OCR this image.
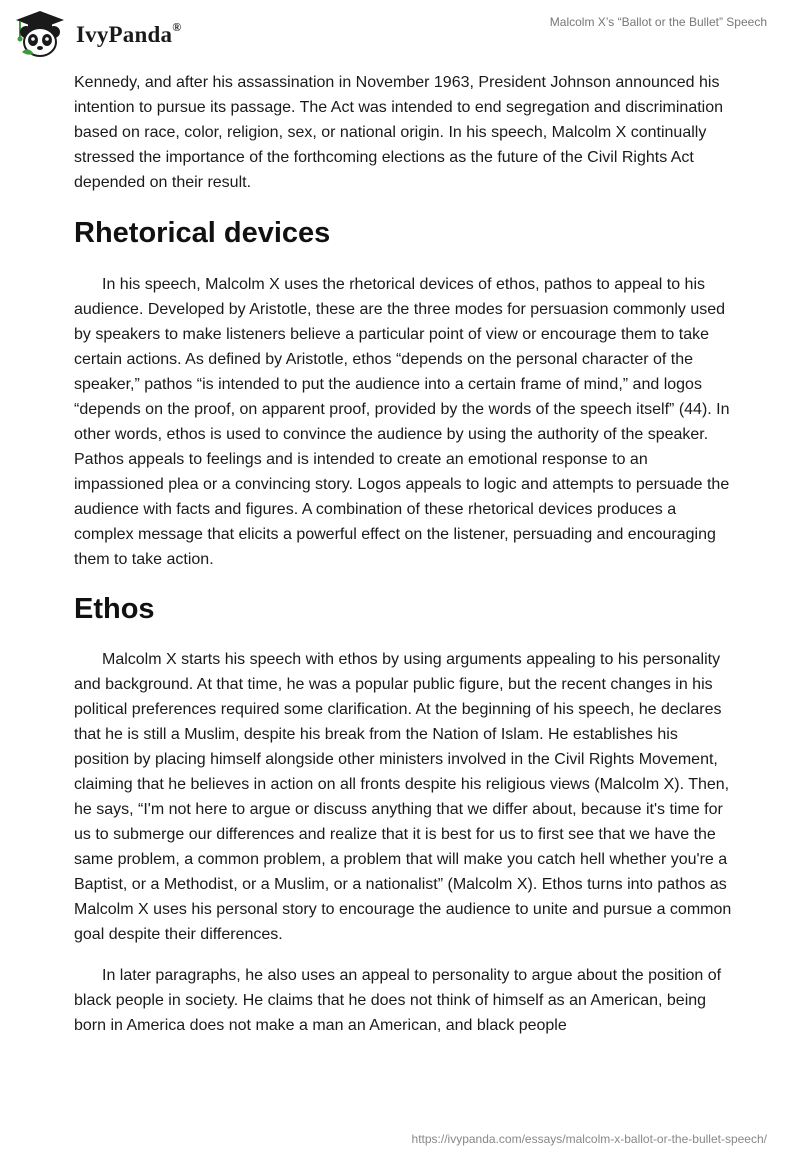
IvyPanda®	Malcolm X’s “Ballot or the Bullet” Speech

Kennedy, and after his assassination in November 1963, President Johnson announced his intention to pursue its passage. The Act was intended to end segregation and discrimination based on race, color, religion, sex, or national origin. In his speech, Malcolm X continually stressed the importance of the forthcoming elections as the future of the Civil Rights Act depended on their result.

Rhetorical devices

In his speech, Malcolm X uses the rhetorical devices of ethos, pathos to appeal to his audience. Developed by Aristotle, these are the three modes for persuasion commonly used by speakers to make listeners believe a particular point of view or encourage them to take certain actions. As defined by Aristotle, ethos “depends on the personal character of the speaker,” pathos “is intended to put the audience into a certain frame of mind,” and logos “depends on the proof, on apparent proof, provided by the words of the speech itself” (44). In other words, ethos is used to convince the audience by using the authority of the speaker. Pathos appeals to feelings and is intended to create an emotional response to an impassioned plea or a convincing story. Logos appeals to logic and attempts to persuade the audience with facts and figures. A combination of these rhetorical devices produces a complex message that elicits a powerful effect on the listener, persuading and encouraging them to take action.

Ethos

Malcolm X starts his speech with ethos by using arguments appealing to his personality and background. At that time, he was a popular public figure, but the recent changes in his political preferences required some clarification. At the beginning of his speech, he declares that he is still a Muslim, despite his break from the Nation of Islam. He establishes his position by placing himself alongside other ministers involved in the Civil Rights Movement, claiming that he believes in action on all fronts despite his religious views (Malcolm X). Then, he says, “I'm not here to argue or discuss anything that we differ about, because it's time for us to submerge our differences and realize that it is best for us to first see that we have the same problem, a common problem, a problem that will make you catch hell whether you're a Baptist, or a Methodist, or a Muslim, or a nationalist” (Malcolm X). Ethos turns into pathos as Malcolm X uses his personal story to encourage the audience to unite and pursue a common goal despite their differences.

In later paragraphs, he also uses an appeal to personality to argue about the position of black people in society. He claims that he does not think of himself as an American, being born in America does not make a man an American, and black people

https://ivypanda.com/essays/malcolm-x-ballot-or-the-bullet-speech/
